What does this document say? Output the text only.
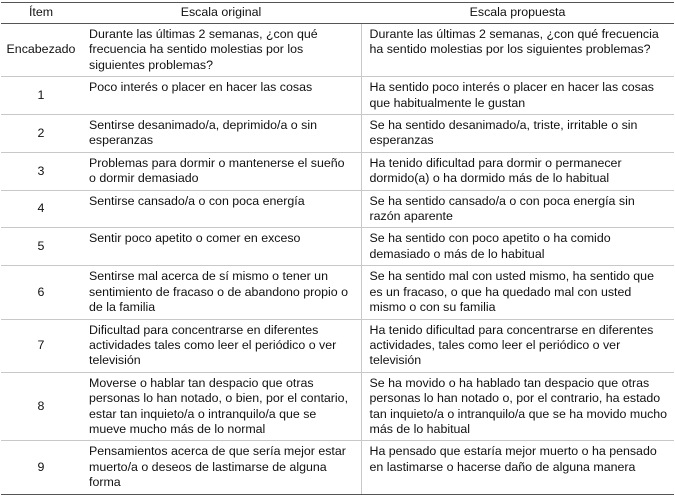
Ítem	Escala original	Escala propuesta
Encabezado	Durante las últimas 2 semanas, ¿con qué frecuencia ha sentido molestias por los siguientes problemas?	Durante las últimas 2 semanas, ¿con qué frecuencia ha sentido molestias por los siguientes problemas?
1	Poco interés o placer en hacer las cosas	Ha sentido poco interés o placer en hacer las cosas que habitualmente le gustan
2	Sentirse desanimado/a, deprimido/a o sin esperanzas	Se ha sentido desanimado/a, triste, irritable o sin esperanzas
3	Problemas para dormir o mantenerse el sueño o dormir demasiado	Ha tenido dificultad para dormir o permanecer dormido(a) o ha dormido más de lo habitual
4	Sentirse cansado/a o con poca energía	Se ha sentido cansado/a o con poca energía sin razón aparente
5	Sentir poco apetito o comer en exceso	Se ha sentido con poco apetito o ha comido demasiado o más de lo habitual
6	Sentirse mal acerca de sí mismo o tener un sentimiento de fracaso o de abandono propio o de la familia	Se ha sentido mal con usted mismo, ha sentido que es un fracaso, o que ha quedado mal con usted mismo o con su familia
7	Dificultad para concentrarse en diferentes actividades tales como leer el periódico o ver televisión	Ha tenido dificultad para concentrarse en diferentes actividades, tales como leer el periódico o ver televisión
8	Moverse o hablar tan despacio que otras personas lo han notado, o bien, por el contario, estar tan inquieto/a o intranquilo/a que se mueve mucho más de lo normal	Se ha movido o ha hablado tan despacio que otras personas lo han notado o, por el contrario, ha estado tan inquieto/a o intranquilo/a que se ha movido mucho más de lo habitual
9	Pensamientos acerca de que sería mejor estar muerto/a o deseos de lastimarse de alguna forma	Ha pensado que estaría mejor muerto o ha pensado en lastimarse o hacerse daño de alguna manera
